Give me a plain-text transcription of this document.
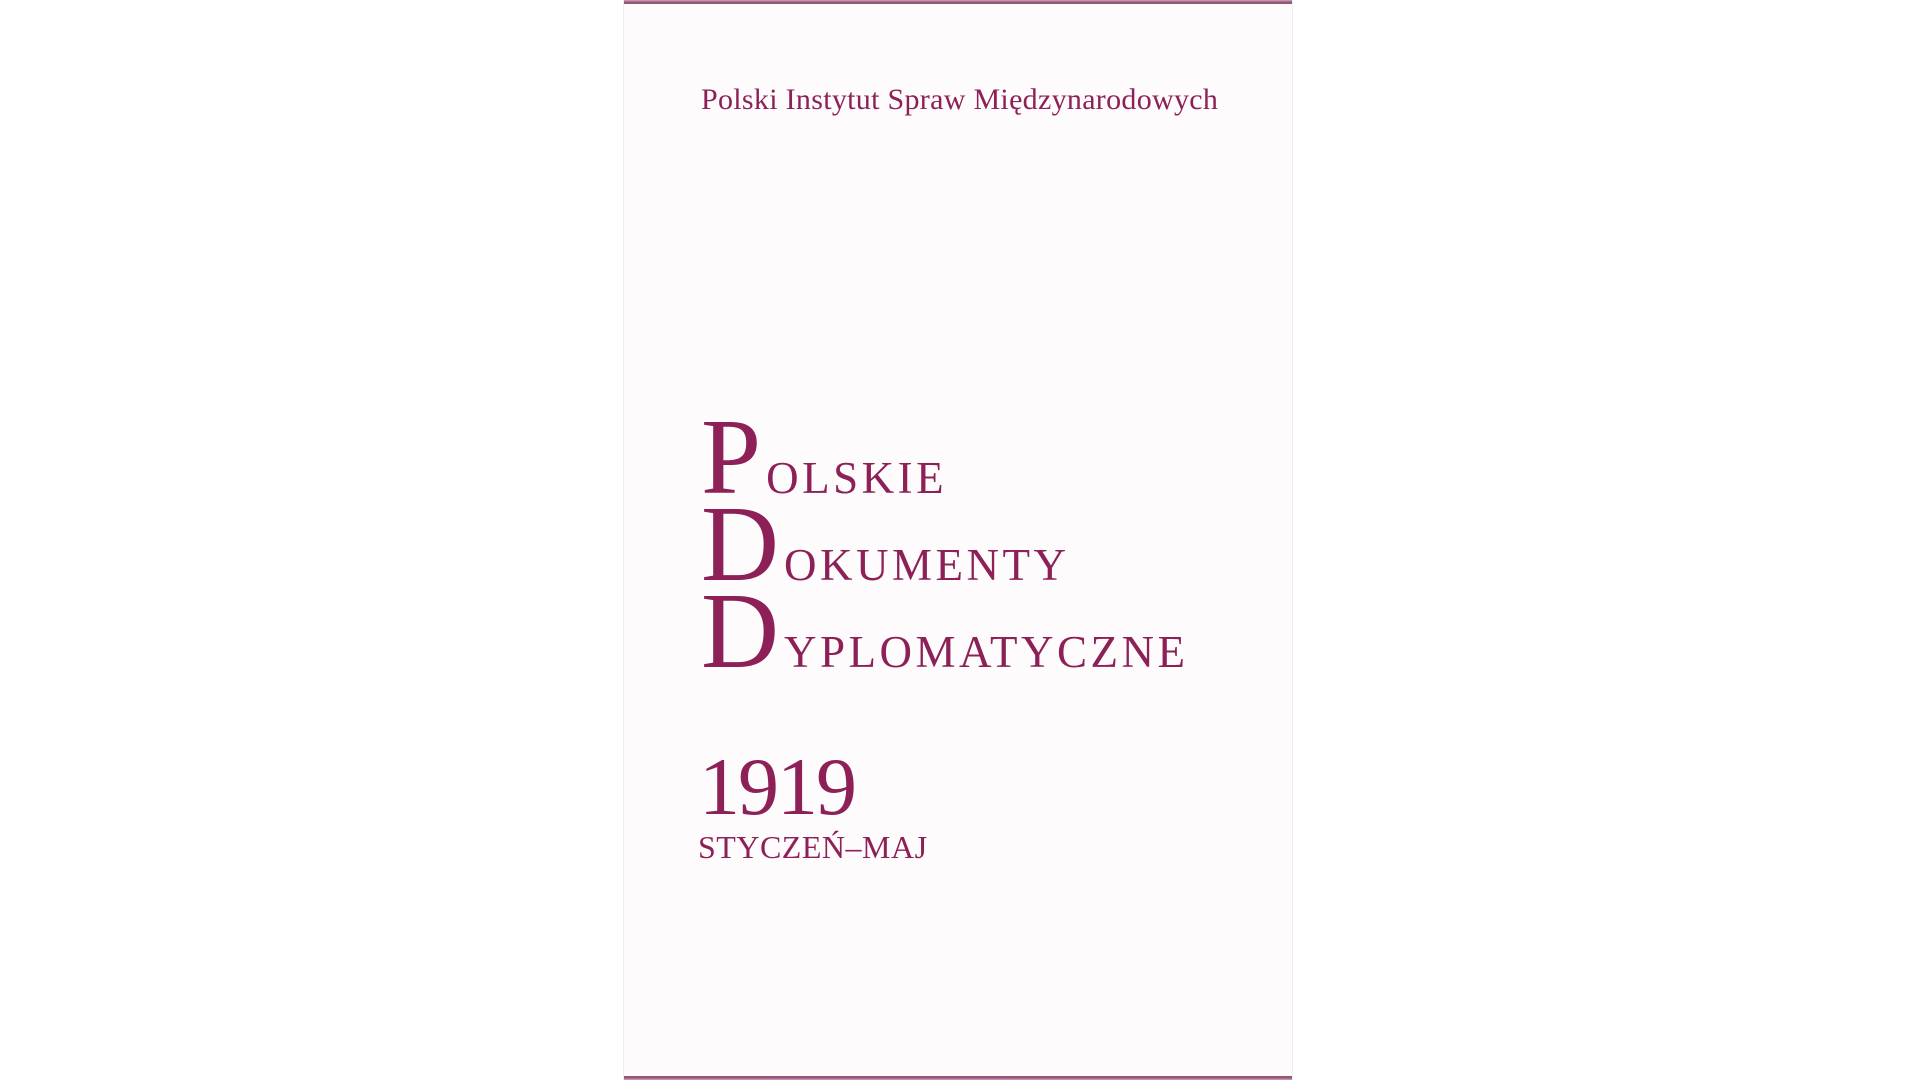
Polski Instytut Spraw Międzynarodowych
POLSKIE
DOKUMENTY
DYPLOMATYCZNE
1919
STYCZEŃ–MAJ
